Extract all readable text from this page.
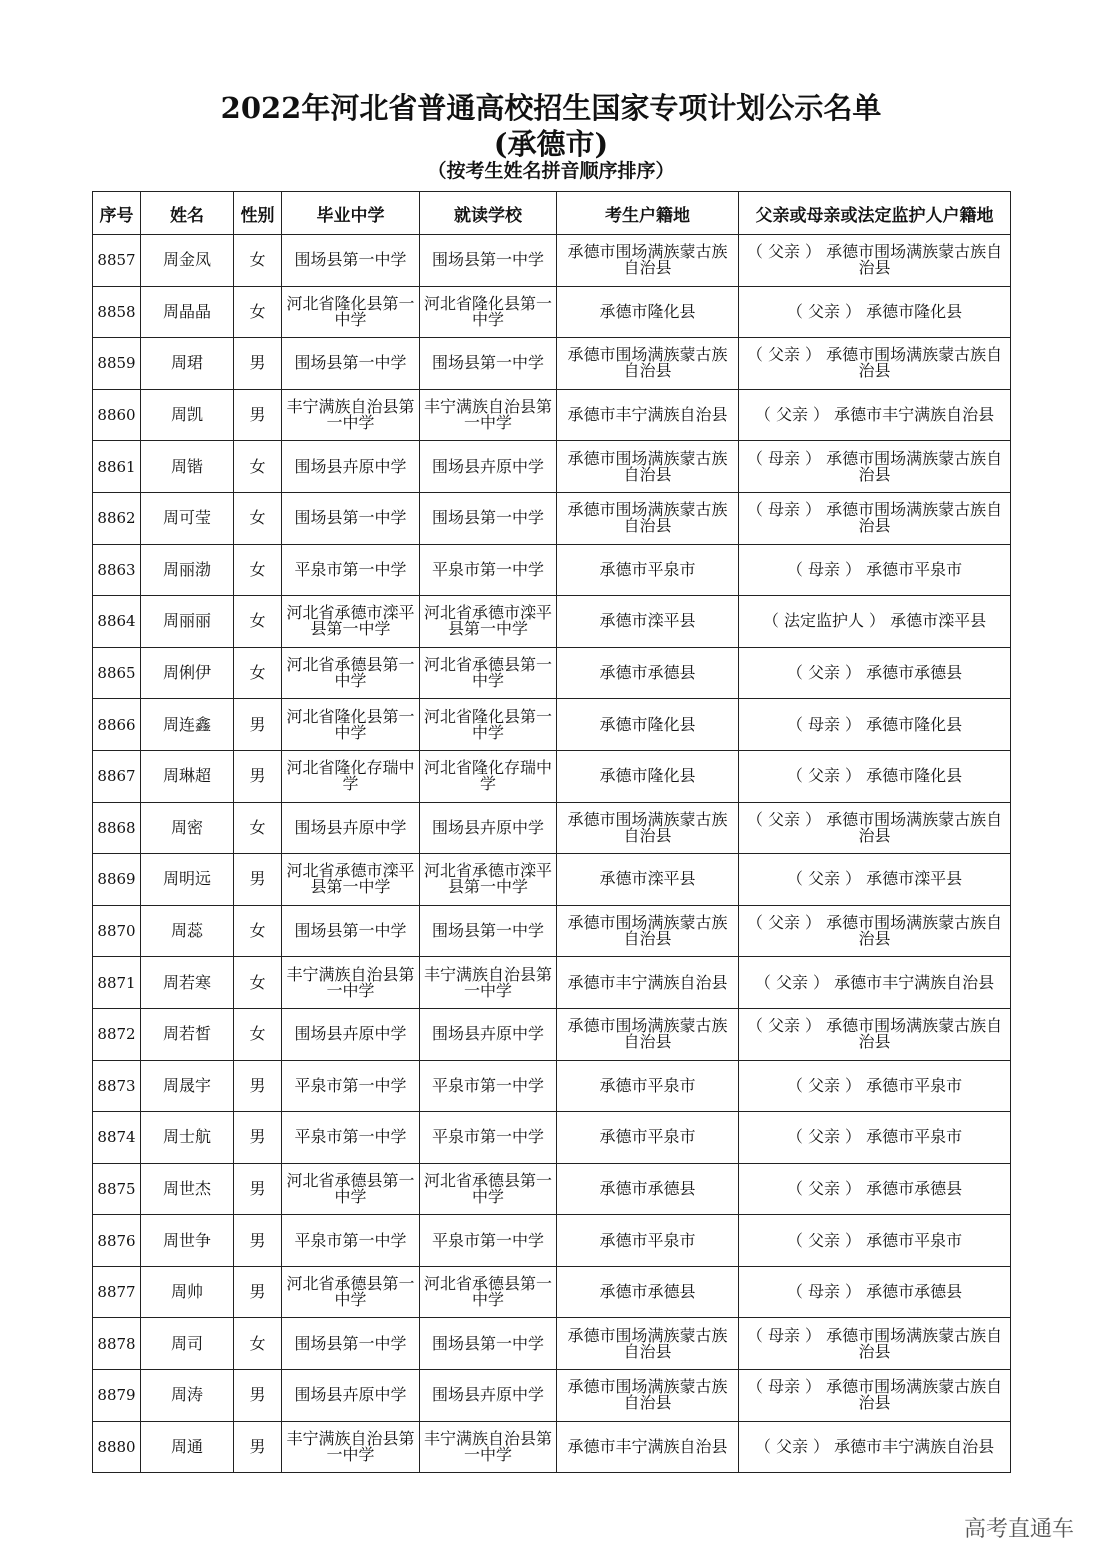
2022年河北省普通高校招生国家专项计划公示名单
(承德市)
（按考生姓名拼音顺序排序）
序号	姓名	性别	毕业中学	就读学校	考生户籍地	父亲或母亲或法定监护人户籍地
8857	周金凤	女	围场县第一中学	围场县第一中学	承德市围场满族蒙古族自治县	（ 父亲 ） 承德市围场满族蒙古族自治县
8858	周晶晶	女	河北省隆化县第一中学	河北省隆化县第一中学	承德市隆化县	（ 父亲 ） 承德市隆化县
8859	周珺	男	围场县第一中学	围场县第一中学	承德市围场满族蒙古族自治县	（ 父亲 ） 承德市围场满族蒙古族自治县
8860	周凯	男	丰宁满族自治县第一中学	丰宁满族自治县第一中学	承德市丰宁满族自治县	（ 父亲 ） 承德市丰宁满族自治县
8861	周锴	女	围场县卉原中学	围场县卉原中学	承德市围场满族蒙古族自治县	（ 母亲 ） 承德市围场满族蒙古族自治县
8862	周可莹	女	围场县第一中学	围场县第一中学	承德市围场满族蒙古族自治县	（ 母亲 ） 承德市围场满族蒙古族自治县
8863	周丽渤	女	平泉市第一中学	平泉市第一中学	承德市平泉市	（ 母亲 ） 承德市平泉市
8864	周丽丽	女	河北省承德市滦平县第一中学	河北省承德市滦平县第一中学	承德市滦平县	（ 法定监护人 ） 承德市滦平县
8865	周俐伊	女	河北省承德县第一中学	河北省承德县第一中学	承德市承德县	（ 父亲 ） 承德市承德县
8866	周连鑫	男	河北省隆化县第一中学	河北省隆化县第一中学	承德市隆化县	（ 母亲 ） 承德市隆化县
8867	周琳超	男	河北省隆化存瑞中学	河北省隆化存瑞中学	承德市隆化县	（ 父亲 ） 承德市隆化县
8868	周密	女	围场县卉原中学	围场县卉原中学	承德市围场满族蒙古族自治县	（ 父亲 ） 承德市围场满族蒙古族自治县
8869	周明远	男	河北省承德市滦平县第一中学	河北省承德市滦平县第一中学	承德市滦平县	（ 父亲 ） 承德市滦平县
8870	周蕊	女	围场县第一中学	围场县第一中学	承德市围场满族蒙古族自治县	（ 父亲 ） 承德市围场满族蒙古族自治县
8871	周若寒	女	丰宁满族自治县第一中学	丰宁满族自治县第一中学	承德市丰宁满族自治县	（ 父亲 ） 承德市丰宁满族自治县
8872	周若皙	女	围场县卉原中学	围场县卉原中学	承德市围场满族蒙古族自治县	（ 父亲 ） 承德市围场满族蒙古族自治县
8873	周晟宇	男	平泉市第一中学	平泉市第一中学	承德市平泉市	（ 父亲 ） 承德市平泉市
8874	周士航	男	平泉市第一中学	平泉市第一中学	承德市平泉市	（ 父亲 ） 承德市平泉市
8875	周世杰	男	河北省承德县第一中学	河北省承德县第一中学	承德市承德县	（ 父亲 ） 承德市承德县
8876	周世争	男	平泉市第一中学	平泉市第一中学	承德市平泉市	（ 父亲 ） 承德市平泉市
8877	周帅	男	河北省承德县第一中学	河北省承德县第一中学	承德市承德县	（ 母亲 ） 承德市承德县
8878	周司	女	围场县第一中学	围场县第一中学	承德市围场满族蒙古族自治县	（ 母亲 ） 承德市围场满族蒙古族自治县
8879	周涛	男	围场县卉原中学	围场县卉原中学	承德市围场满族蒙古族自治县	（ 母亲 ） 承德市围场满族蒙古族自治县
8880	周通	男	丰宁满族自治县第一中学	丰宁满族自治县第一中学	承德市丰宁满族自治县	（ 父亲 ） 承德市丰宁满族自治县
高考直通车
